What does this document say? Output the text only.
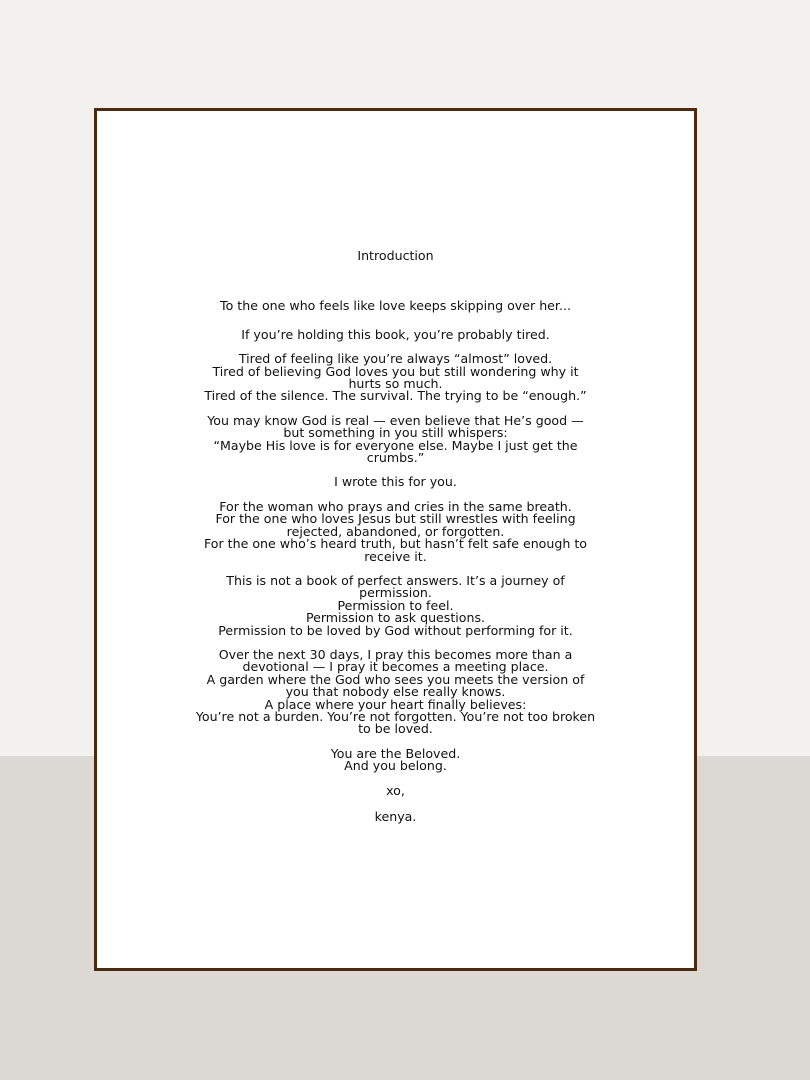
Introduction
To the one who feels like love keeps skipping over her...
If you’re holding this book, you’re probably tired.
Tired of feeling like you’re always “almost” loved.
Tired of believing God loves you but still wondering why it hurts so much.
Tired of the silence. The survival. The trying to be “enough.”
You may know God is real — even believe that He’s good — but something in you still whispers:
“Maybe His love is for everyone else. Maybe I just get the crumbs.”
I wrote this for you.
For the woman who prays and cries in the same breath.
For the one who loves Jesus but still wrestles with feeling rejected, abandoned, or forgotten.
For the one who’s heard truth, but hasn’t felt safe enough to receive it.
This is not a book of perfect answers. It’s a journey of permission.
Permission to feel.
Permission to ask questions.
Permission to be loved by God without performing for it.
Over the next 30 days, I pray this becomes more than a devotional — I pray it becomes a meeting place.
A garden where the God who sees you meets the version of you that nobody else really knows.
A place where your heart finally believes:
You’re not a burden. You’re not forgotten. You’re not too broken to be loved.
You are the Beloved.
And you belong.
xo,
kenya.
